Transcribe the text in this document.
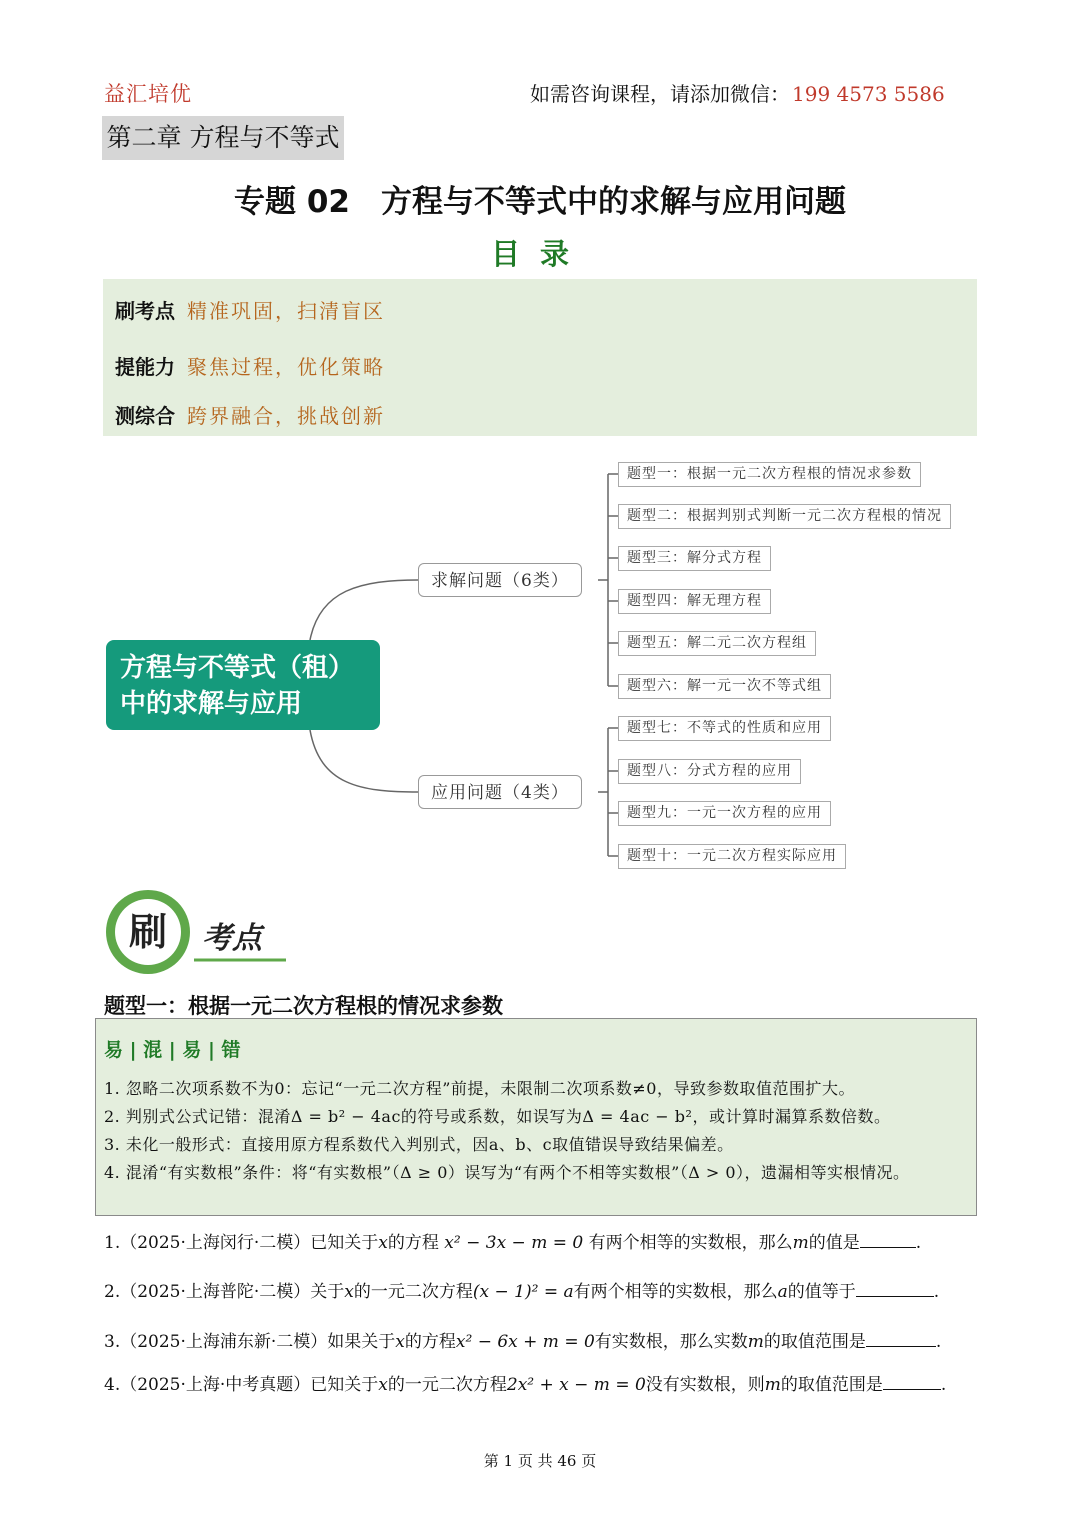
益汇培优	如需咨询课程，请添加微信： 199 4573 5586
第二章 方程与不等式
专题 02　方程与不等式中的求解与应用问题
目录
刷考点 精准巩固，扫清盲区
提能力 聚焦过程，优化策略
测综合 跨界融合，挑战创新
方程与不等式（租）
中的求解与应用
求解问题（6类）
应用问题（4类）
题型一：根据一元二次方程根的情况求参数
题型二：根据判别式判断一元二次方程根的情况
题型三：解分式方程
题型四：解无理方程
题型五：解二元二次方程组
题型六：解一元一次不等式组
题型七：不等式的性质和应用
题型八：分式方程的应用
题型九：一元一次方程的应用
题型十：一元二次方程实际应用
刷 考点
题型一：根据一元二次方程根的情况求参数
易 | 混 | 易 | 错
1. 忽略二次项系数不为0：忘记“一元二次方程”前提，未限制二次项系数≠0，导致参数取值范围扩大。
2. 判别式公式记错：混淆Δ = b² − 4ac的符号或系数，如误写为Δ = 4ac − b²，或计算时漏算系数倍数。
3. 未化一般形式：直接用原方程系数代入判别式，因a、b、c取值错误导致结果偏差。
4. 混淆“有实数根”条件：将“有实数根”（Δ ≥ 0）误写为“有两个不相等实数根”（Δ > 0），遗漏相等实根情况。
1.（2025·上海闵行·二模）已知关于x的方程 x² − 3x − m = 0 有两个相等的实数根，那么m的值是	.
2.（2025·上海普陀·二模）关于x的一元二次方程(x − 1)² = a有两个相等的实数根，那么a的值等于	.
3.（2025·上海浦东新·二模）如果关于x的方程x² − 6x + m = 0有实数根，那么实数m的取值范围是	.
4.（2025·上海·中考真题）已知关于x的一元二次方程2x² + x − m = 0没有实数根，则m的取值范围是	.
第 1 页 共 46 页
